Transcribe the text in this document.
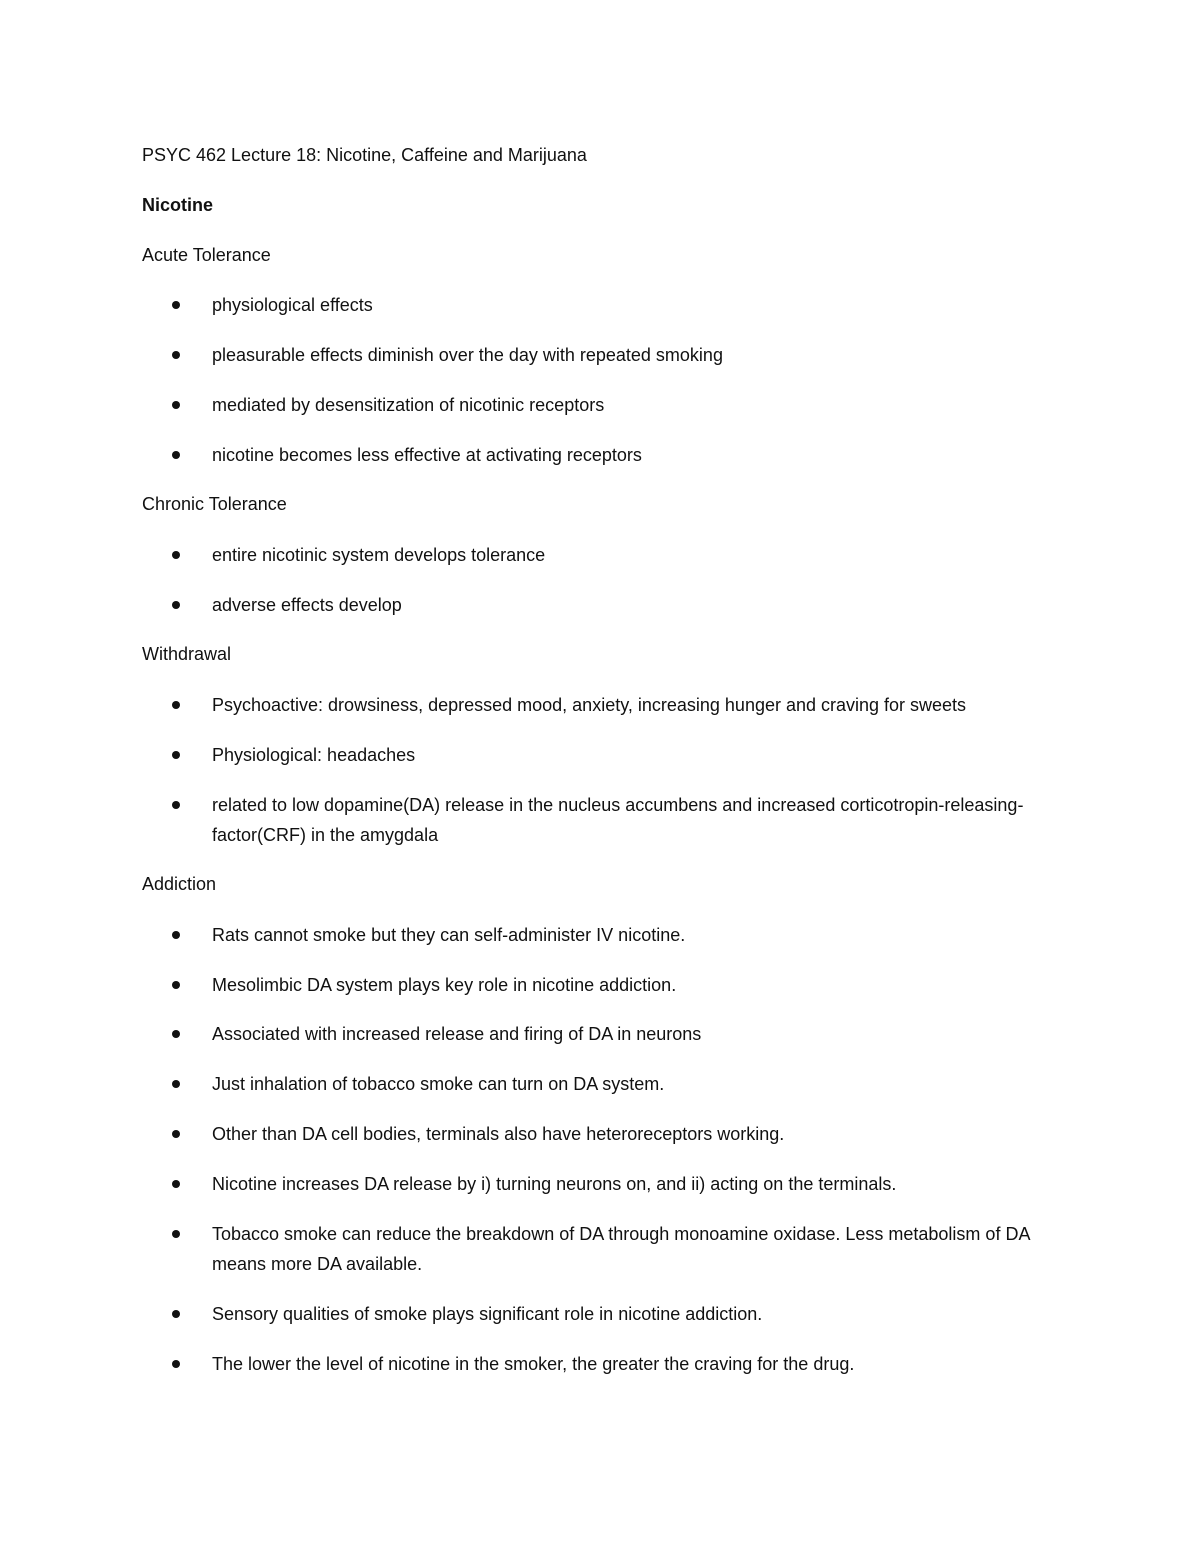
PSYC 462 Lecture 18: Nicotine, Caffeine and Marijuana
Nicotine
Acute Tolerance
physiological effects
pleasurable effects diminish over the day with repeated smoking
mediated by desensitization of nicotinic receptors
nicotine becomes less effective at activating receptors
Chronic Tolerance
entire nicotinic system develops tolerance
adverse effects develop
Withdrawal
Psychoactive: drowsiness, depressed mood, anxiety, increasing hunger and craving for sweets
Physiological: headaches
related to low dopamine(DA) release in the nucleus accumbens and increased corticotropin-releasing-factor(CRF) in the amygdala
Addiction
Rats cannot smoke but they can self-administer IV nicotine.
Mesolimbic DA system plays key role in nicotine addiction.
Associated with increased release and firing of DA in neurons
Just inhalation of tobacco smoke can turn on DA system.
Other than DA cell bodies, terminals also have heteroreceptors working.
Nicotine increases DA release by i) turning neurons on, and ii) acting on the terminals.
Tobacco smoke can reduce the breakdown of DA through monoamine oxidase. Less metabolism of DA means more DA available.
Sensory qualities of smoke plays significant role in nicotine addiction.
The lower the level of nicotine in the smoker, the greater the craving for the drug.
